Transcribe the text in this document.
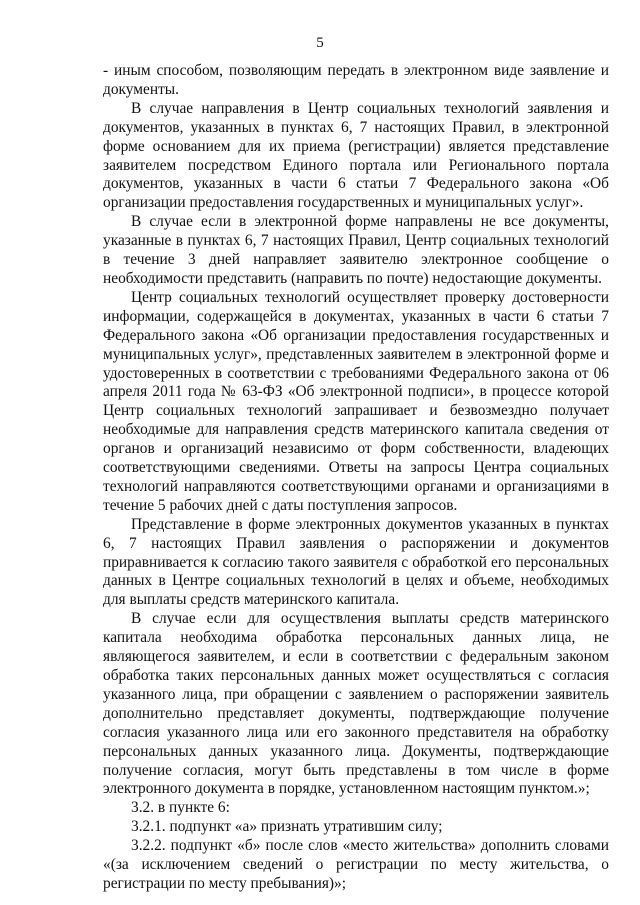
5

- иным способом, позволяющим передать в электронном виде заявление и документы.

В случае направления в Центр социальных технологий заявления и документов, указанных в пунктах 6, 7 настоящих Правил, в электронной форме основанием для их приема (регистрации) является представление заявителем посредством Единого портала или Регионального портала документов, указанных в части 6 статьи 7 Федерального закона «Об организации предоставления государственных и муниципальных услуг».

В случае если в электронной форме направлены не все документы, указанные в пунктах 6, 7 настоящих Правил, Центр социальных технологий в течение 3 дней направляет заявителю электронное сообщение о необходимости представить (направить по почте) недостающие документы.

Центр социальных технологий осуществляет проверку достоверности информации, содержащейся в документах, указанных в части 6 статьи 7 Федерального закона «Об организации предоставления государственных и муниципальных услуг», представленных заявителем в электронной форме и удостоверенных в соответствии с требованиями Федерального закона от 06 апреля 2011 года № 63-ФЗ «Об электронной подписи», в процессе которой Центр социальных технологий запрашивает и безвозмездно получает необходимые для направления средств материнского капитала сведения от органов и организаций независимо от форм собственности, владеющих соответствующими сведениями. Ответы на запросы Центра социальных технологий направляются соответствующими органами и организациями в течение 5 рабочих дней с даты поступления запросов.

Представление в форме электронных документов указанных в пунктах 6, 7 настоящих Правил заявления о распоряжении и документов приравнивается к согласию такого заявителя с обработкой его персональных данных в Центре социальных технологий в целях и объеме, необходимых для выплаты средств материнского капитала.

В случае если для осуществления выплаты средств материнского капитала необходима обработка персональных данных лица, не являющегося заявителем, и если в соответствии с федеральным законом обработка таких персональных данных может осуществляться с согласия указанного лица, при обращении с заявлением о распоряжении заявитель дополнительно представляет документы, подтверждающие получение согласия указанного лица или его законного представителя на обработку персональных данных указанного лица. Документы, подтверждающие получение согласия, могут быть представлены в том числе в форме электронного документа в порядке, установленном настоящим пунктом.»;

3.2. в пункте 6:

3.2.1. подпункт «а» признать утратившим силу;

3.2.2. подпункт «б» после слов «место жительства» дополнить словами «(за исключением сведений о регистрации по месту жительства, о регистрации по месту пребывания)»;
